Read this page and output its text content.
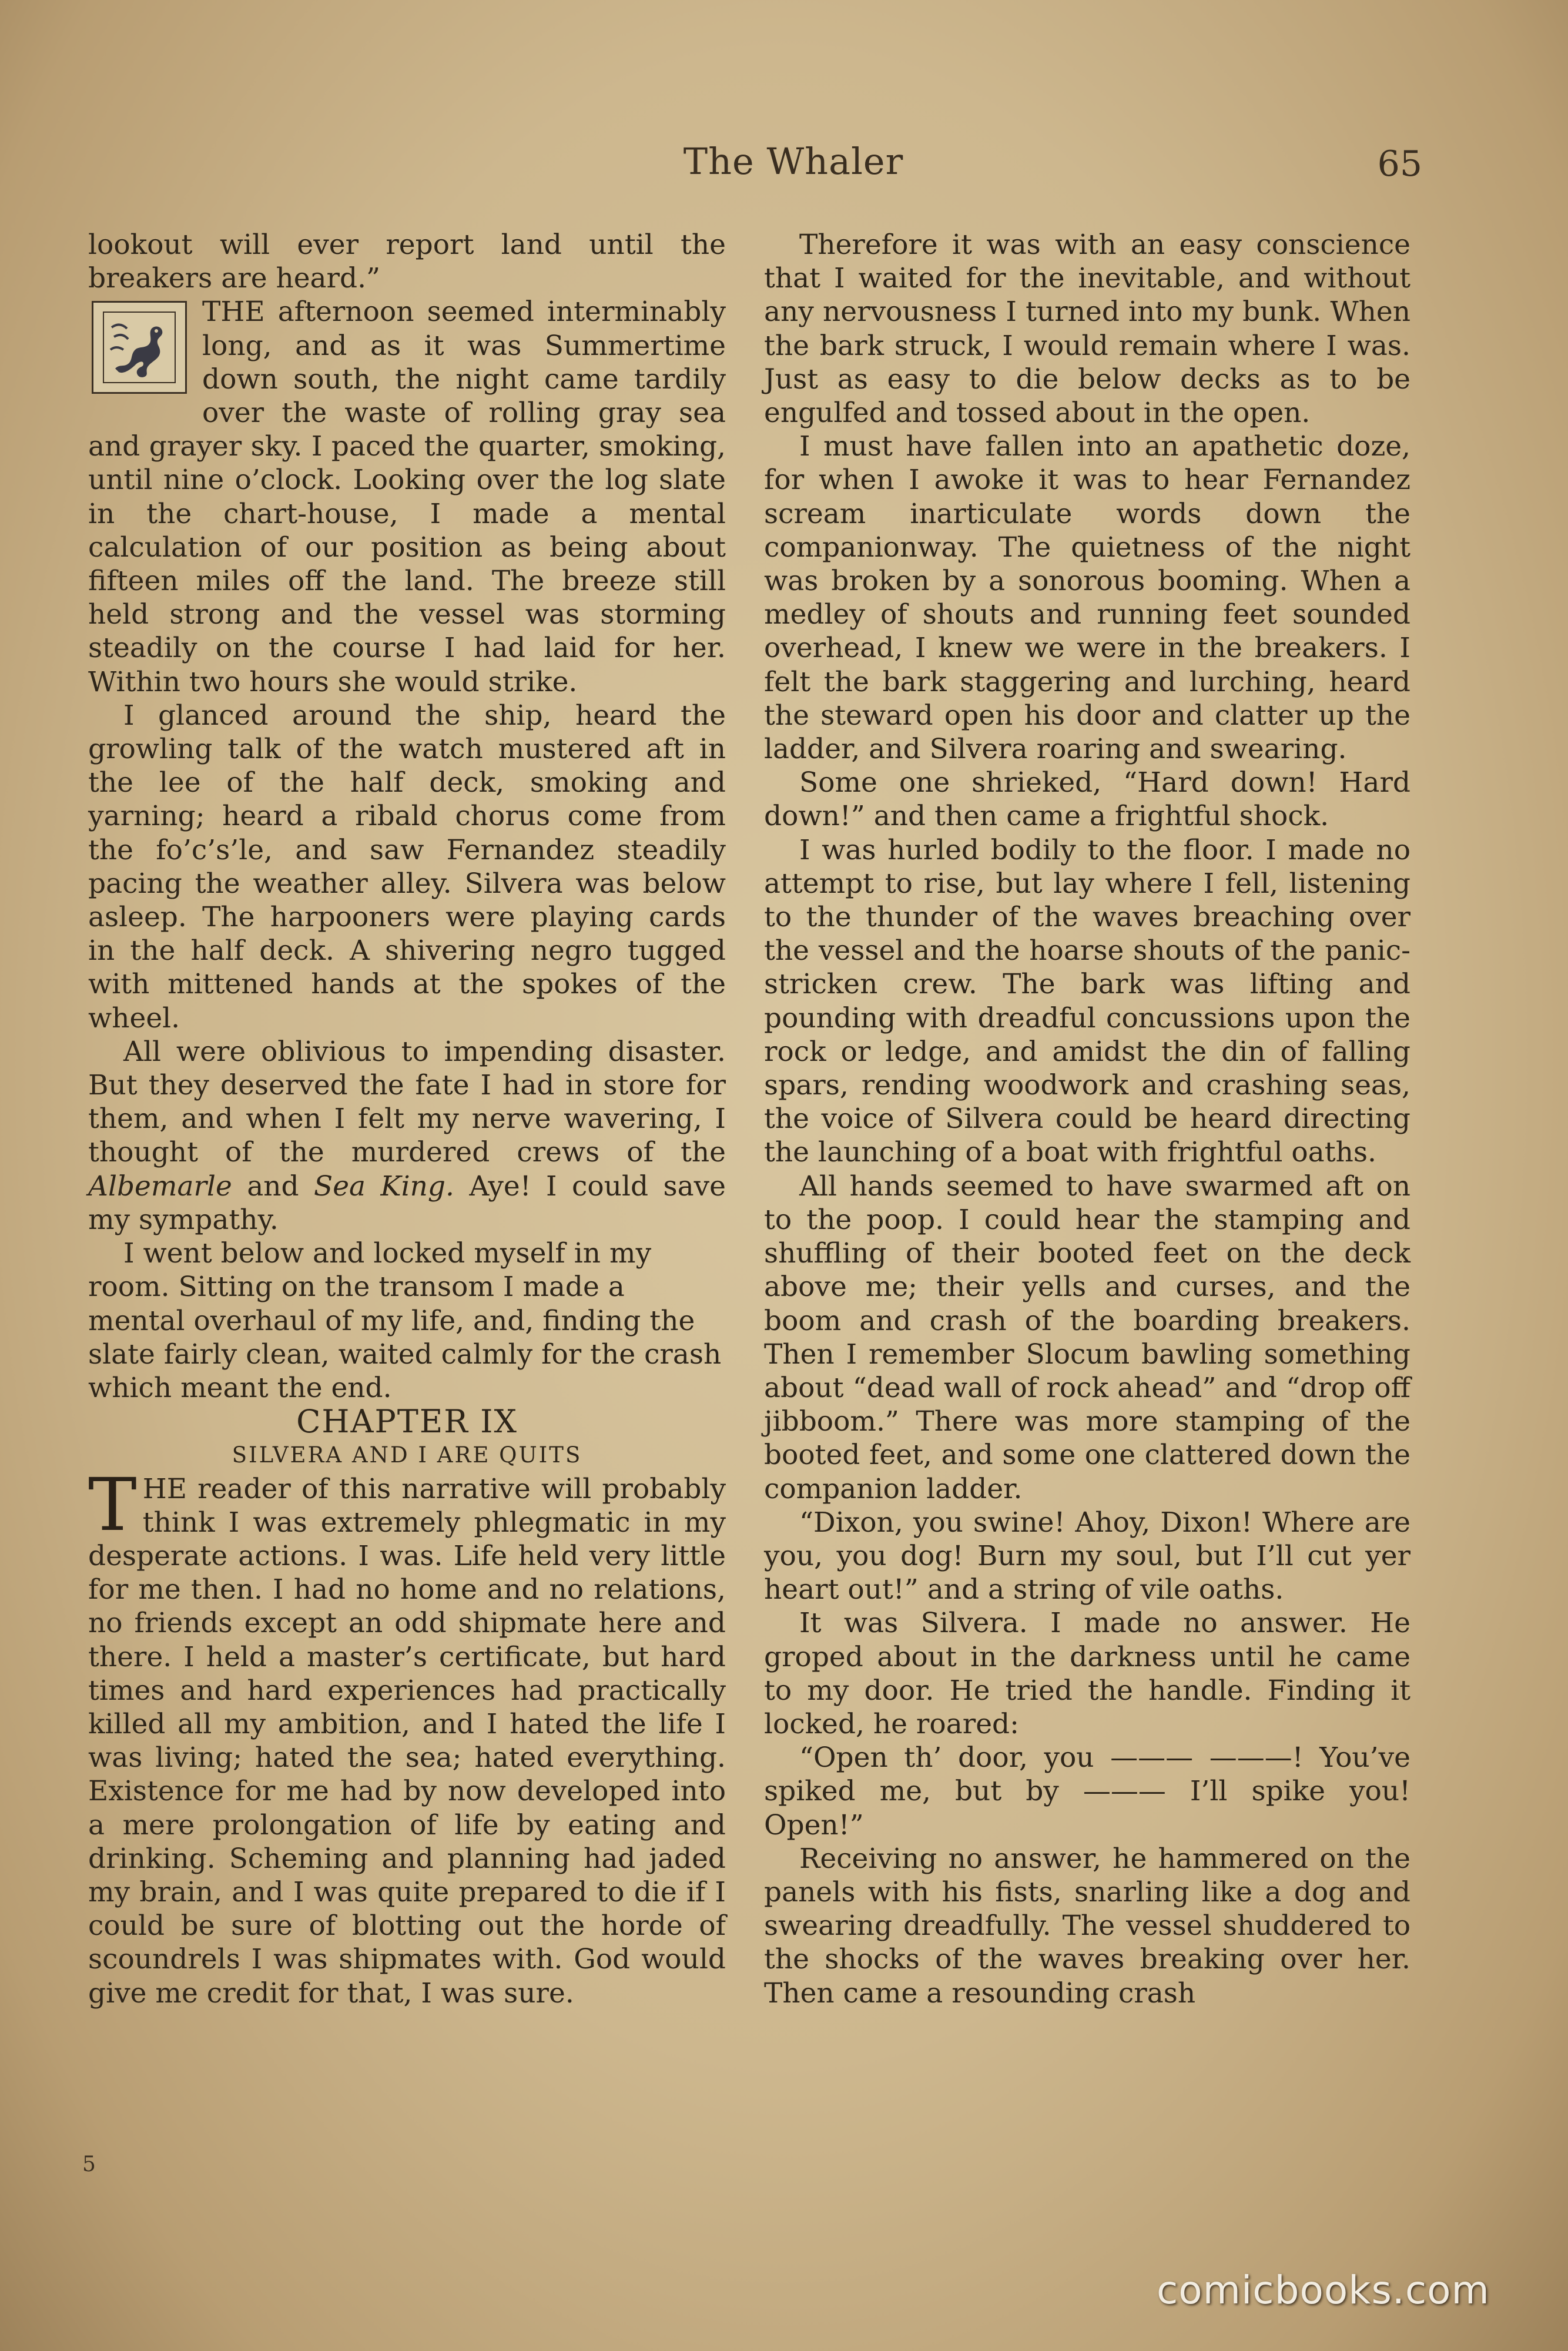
The Whaler	65

lookout will ever report land until the breakers are heard.”

THE afternoon seemed interminably long, and as it was Summertime down south, the night came tardily over the waste of rolling gray sea and grayer sky. I paced the quarter, smoking, until nine o’clock. Looking over the log slate in the chart-house, I made a mental calculation of our position as being about fifteen miles off the land. The breeze still held strong and the vessel was storming steadily on the course I had laid for her. Within two hours she would strike.

I glanced around the ship, heard the growling talk of the watch mustered aft in the lee of the half deck, smoking and yarning; heard a ribald chorus come from the fo’c’s’le, and saw Fernandez steadily pacing the weather alley. Silvera was below asleep. The harpooners were playing cards in the half deck. A shivering negro tugged with mittened hands at the spokes of the wheel.

All were oblivious to impending disaster. But they deserved the fate I had in store for them, and when I felt my nerve wavering, I thought of the murdered crews of the Albemarle and Sea King. Aye! I could save my sympathy.

I went below and locked myself in my room. Sitting on the transom I made a mental overhaul of my life, and, finding the slate fairly clean, waited calmly for the crash which meant the end.

CHAPTER IX

SILVERA AND I ARE QUITS

THE reader of this narrative will probably think I was extremely phlegmatic in my desperate actions. I was. Life held very little for me then. I had no home and no relations, no friends except an odd shipmate here and there. I held a master’s certificate, but hard times and hard experiences had practically killed all my ambition, and I hated the life I was living; hated the sea; hated everything. Existence for me had by now developed into a mere prolongation of life by eating and drinking. Scheming and planning had jaded my brain, and I was quite prepared to die if I could be sure of blotting out the horde of scoundrels I was shipmates with. God would give me credit for that, I was sure.

5

Therefore it was with an easy conscience that I waited for the inevitable, and without any nervousness I turned into my bunk. When the bark struck, I would remain where I was. Just as easy to die below decks as to be engulfed and tossed about in the open.

I must have fallen into an apathetic doze, for when I awoke it was to hear Fernandez scream inarticulate words down the companionway. The quietness of the night was broken by a sonorous booming. When a medley of shouts and running feet sounded overhead, I knew we were in the breakers. I felt the bark staggering and lurching, heard the steward open his door and clatter up the ladder, and Silvera roaring and swearing.

Some one shrieked, “Hard down! Hard down!” and then came a frightful shock.

I was hurled bodily to the floor. I made no attempt to rise, but lay where I fell, listening to the thunder of the waves breaching over the vessel and the hoarse shouts of the panic-stricken crew. The bark was lifting and pounding with dreadful concussions upon the rock or ledge, and amidst the din of falling spars, rending woodwork and crashing seas, the voice of Silvera could be heard directing the launching of a boat with frightful oaths.

All hands seemed to have swarmed aft on to the poop. I could hear the stamping and shuffling of their booted feet on the deck above me; their yells and curses, and the boom and crash of the boarding breakers. Then I remember Slocum bawling something about “dead wall of rock ahead” and “drop off jibboom.” There was more stamping of the booted feet, and some one clattered down the companion ladder.

“Dixon, you swine! Ahoy, Dixon! Where are you, you dog! Burn my soul, but I’ll cut yer heart out!” and a string of vile oaths.

It was Silvera. I made no answer. He groped about in the darkness until he came to my door. He tried the handle. Finding it locked, he roared:

“Open th’ door, you ——— ———! You’ve

spiked me, but by ——— I’ll spike you!

Open!”

Receiving no answer, he hammered on the panels with his fists, snarling like a dog and swearing dreadfully. The vessel shuddered to the shocks of the waves breaking over her. Then came a resounding crash

comicbooks.com
